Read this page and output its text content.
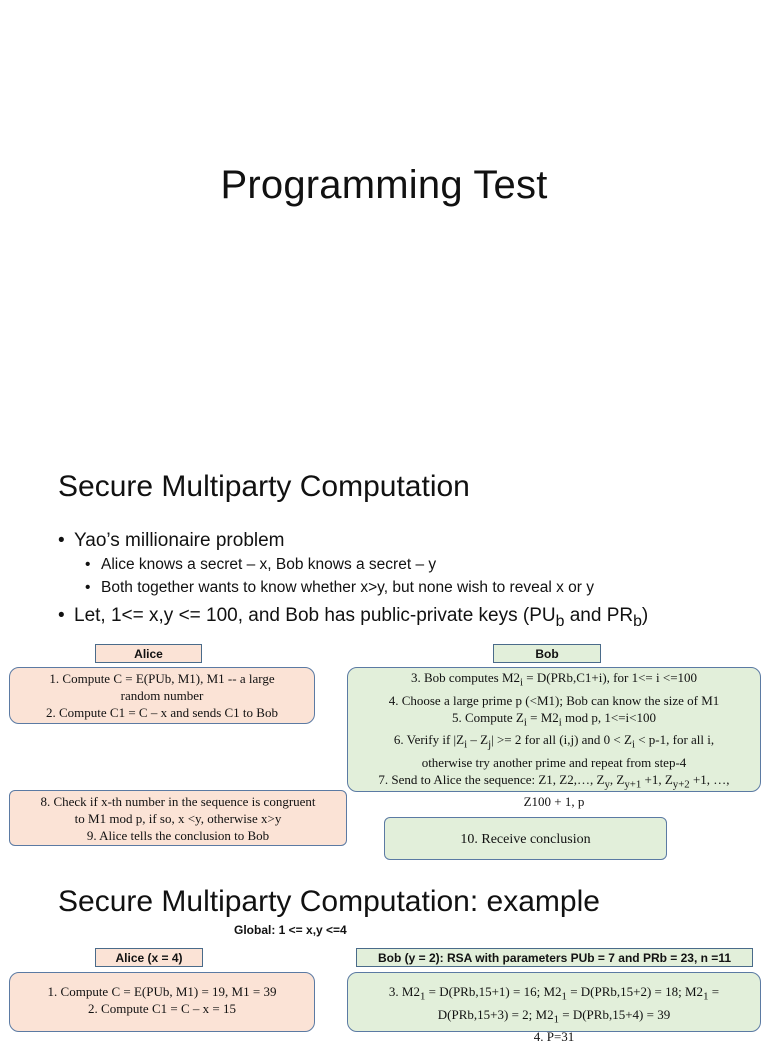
Programming Test
Secure Multiparty Computation
• Yao’s millionaire problem
• Alice knows a secret – x, Bob knows a secret – y
• Both together wants to know whether x>y, but none wish to reveal x or y
• Let, 1<= x,y <= 100, and Bob has public-private keys ($PU_b$ and $PR_b$)
Alice	Bob
1. Compute C = E(PUb, M1), M1 -- a large
random number
2. Compute C1 = C – x and sends C1 to Bob
3. Bob computes $M2_i = D(PRb,C1+i)$, for 1<= i <=100
4. Choose a large prime p (<M1); Bob can know the size of M1
5. Compute $Z_i = M2_i$ mod p, 1<=i<100
6. Verify if $|Z_i - Z_j| >= 2$ for all (i,j) and $0 < Z_i < p-1$, for all i,
otherwise try another prime and repeat from step-4
7. Send to Alice the sequence: Z1, Z2,…, $Z_y$, $Z_{y+1} +1$, $Z_{y+2} +1$, …,
Z100 + 1, p
8. Check if x-th number in the sequence is congruent
to M1 mod p, if so, x <y, otherwise x>y
9. Alice tells the conclusion to Bob	10. Receive conclusion
Secure Multiparty Computation: example
Global: 1 <= x,y <=4
Alice (x = 4)	Bob (y = 2): RSA with parameters PUb = 7 and PRb = 23, n =11
1. Compute C = E(PUb, M1) = 19, M1 = 39
2. Compute C1 = C – x = 15
3. $M2_1 = D(PRb,15+1) = 16$; $M2_1 = D(PRb,15+2) = 18$; $M2_1$ =
D(PRb,15+3) = 2; $M2_1 = D(PRb,15+4) = 39$
4. P=31
